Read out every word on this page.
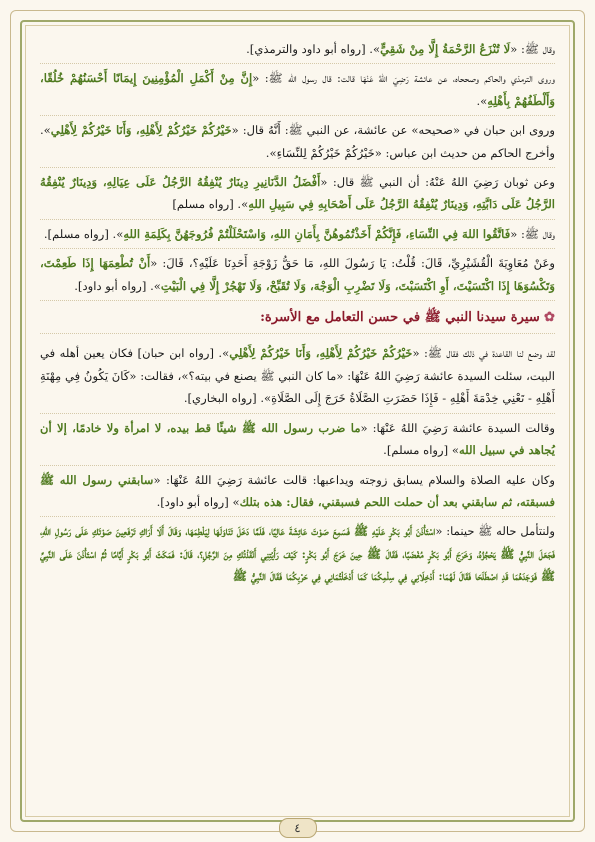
وقال ﷺ: «لَا تُنْزَعُ الرَّحْمَةُ إِلَّا مِنْ شَقِيٍّ». [رواه أبو داود والترمذي].

وروى الترمذي والحاكم وصححاه، عن عائشة رَضِيَ اللهُ عَنْهَا قالت: قال رسول الله ﷺ: «إِنَّ مِنْ أَكْمَلِ الْمُؤْمِنِينَ إِيمَانًا أَحْسَنُهُمْ خُلُقًا، وَأَلْطَفُهُمْ بِأَهْلِهِ».

وروى ابن حبان في «صحيحه» عن عائشة، عن النبي ﷺ: أَنَّهُ قال: «خَيْرُكُمْ خَيْرُكُمْ لِأَهْلِهِ، وَأَنَا خَيْرُكُمْ لِأَهْلِي». وأخرج الحاكم من حديث ابن عباس: «خَيْرُكُمْ خَيْرُكُمْ لِلنِّسَاءِ».

وعن ثوبان رَضِيَ اللهُ عَنْهُ: أن النبي ﷺ قال: «أَفْضَلُ الدَّنَانِيرِ دِينَارٌ يُنْفِقُهُ الرَّجُلُ عَلَى عِيَالِهِ، وَدِينَارٌ يُنْفِقُهُ الرَّجُلُ عَلَى دَابَّتِهِ، وَدِينَارٌ يُنْفِقُهُ الرَّجُلُ عَلَى أَصْحَابِهِ فِي سَبِيلِ اللهِ». [رواه مسلم]

وقال ﷺ: «فَاتَّقُوا اللهَ فِي النِّسَاءِ، فَإِنَّكُمْ أَخَذْتُمُوهُنَّ بِأَمَانِ اللهِ، وَاسْتَحْلَلْتُمْ فُرُوجَهُنَّ بِكَلِمَةِ اللهِ». [رواه مسلم].

وعَنْ مُعَاوِيَةَ الْقُشَيْرِيِّ، قَالَ: قُلْتُ: يَا رَسُولَ اللهِ، مَا حَقُّ زَوْجَةِ أَحَدِنَا عَلَيْهِ؟، قَالَ: «أَنْ تُطْعِمَهَا إِذَا طَعِمْتَ، وَتَكْسُوَهَا إِذَا اكْتَسَيْتَ، أَوِ اكْتَسَبْتَ، وَلَا تَضْرِبِ الْوَجْهَ، وَلَا تُقَبِّحْ، وَلَا تَهْجُرْ إِلَّا فِي الْبَيْتِ». [رواه أبو داود].

✿سيرة سيدنا النبي ﷺ في حسن التعامل مع الأسرة:

لقد وضع لنا القاعدة في ذلك فقال ﷺ: «خَيْرُكُمْ خَيْرُكُمْ لِأَهْلِهِ، وَأَنَا خَيْرُكُمْ لِأَهْلِي». [رواه ابن حبان] فكان يعين أهله في البيت، سئلت السيدة عائشة رَضِيَ اللهُ عَنْهَا: «ما كان النبي ﷺ يصنع في بيته؟»، فقالت: «كَانَ يَكُونُ فِي مِهْنَةِ أَهْلِهِ - تَعْنِي خِدْمَةَ أَهْلِهِ - فَإِذَا حَضَرَتِ الصَّلَاةُ خَرَجَ إِلَى الصَّلَاةِ». [رواه البخاري].

وقالت السيدة عائشة رَضِيَ اللهُ عَنْهَا: «ما ضرب رسول الله ﷺ شيئًا قط بيده، لا امرأة ولا خادمًا، إلا أن يُجاهد في سبيل الله» [رواه مسلم].

وكان عليه الصلاة والسلام يسابق زوجته ويداعبها: قالت عائشة رَضِيَ اللهُ عَنْهَا: «سابقني رسول الله ﷺ فسبقته، ثم سابقني بعد أن حملت اللحم فسبقني، فقال: هذه بتلك» [رواه أبو داود].

ولنتأمل حاله ﷺ حينما: «اسْتَأْذَنَ أَبُو بَكْرٍ عَلَيْهِ ﷺ فَسَمِعَ صَوْتَ عَائِشَةَ عَالِيًا، فَلَمَّا دَخَلَ تَنَاوَلَهَا لِيَلْطِمَهَا، وَقَالَ أَلَا أَرَاكِ تَرْفَعِينَ صَوْتَكِ عَلَى رَسُولِ اللهِ، فَجَعَلَ النَّبِيُّ ﷺ يَحْجُزُهُ، وَخَرَجَ أَبُو بَكْرٍ مُغْضَبًا، فَقَالَ ﷺ حِينَ خَرَجَ أَبُو بَكْرٍ: كَيْفَ رَأَيْتِنِي أَنْقَذْتُكِ مِنَ الرَّجُلِ؟، قَالَ: فَمَكَثَ أَبُو بَكْرٍ أَيَّامًا ثُمَّ اسْتَأْذَنَ عَلَى النَّبِيِّ ﷺ فَوَجَدَهُمَا قَدِ اصْطَلَحَا فَقَالَ لَهُمَا: أَدْخِلَانِي فِي سِلْمِكُمَا كَمَا أَدْخَلْتُمَانِي فِي حَرْبِكُمَا فَقَالَ النَّبِيُّ ﷺ

٤
